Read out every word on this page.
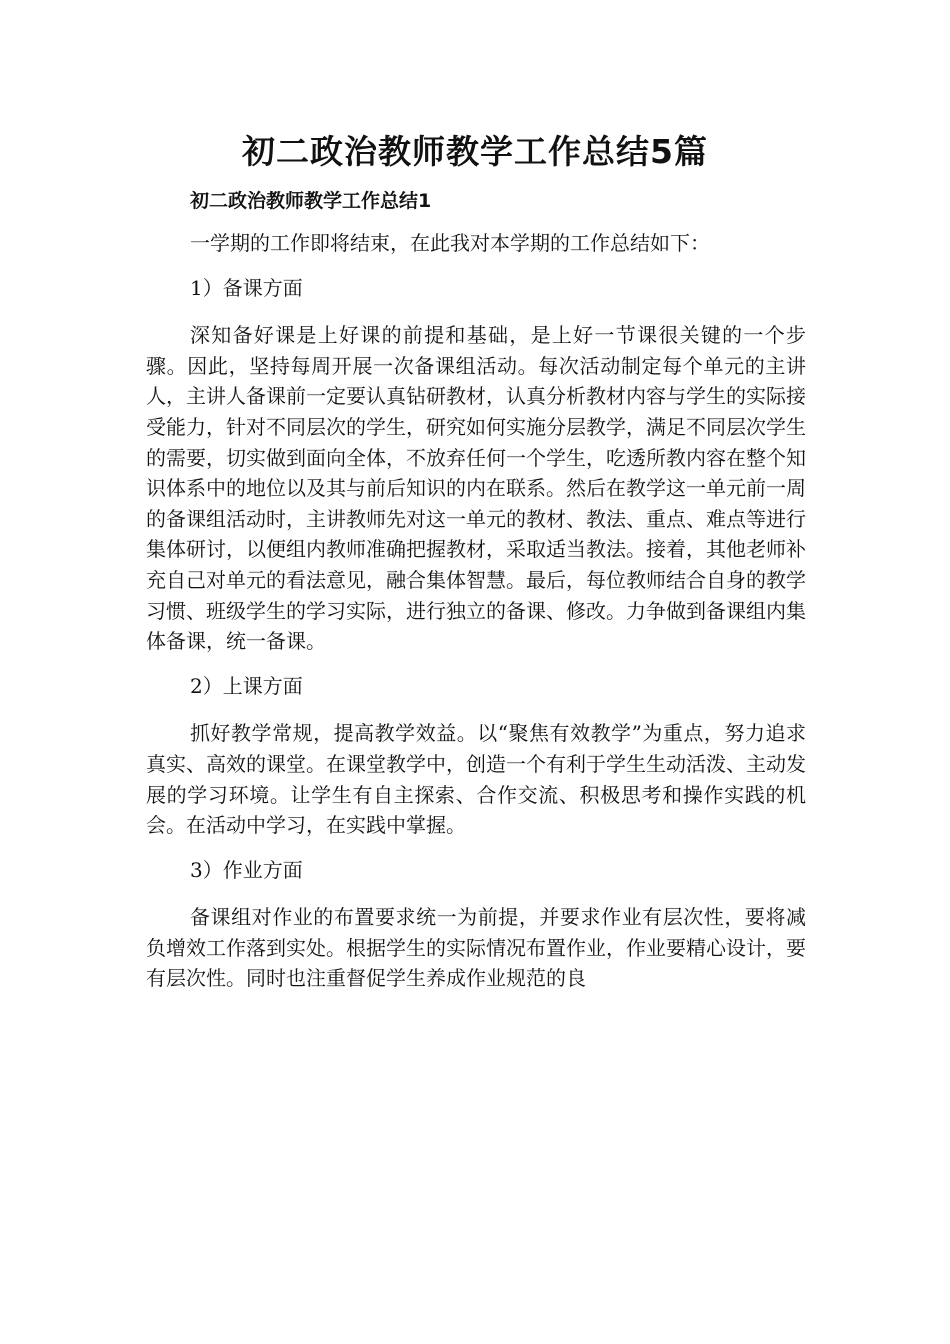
初二政治教师教学工作总结5篇

初二政治教师教学工作总结1

一学期的工作即将结束，在此我对本学期的工作总结如下：

1）备课方面

深知备好课是上好课的前提和基础，是上好一节课很关键的一个步骤。因此，坚持每周开展一次备课组活动。每次活动制定每个单元的主讲人，主讲人备课前一定要认真钻研教材，认真分析教材内容与学生的实际接受能力，针对不同层次的学生，研究如何实施分层教学，满足不同层次学生的需要，切实做到面向全体，不放弃任何一个学生，吃透所教内容在整个知识体系中的地位以及其与前后知识的内在联系。然后在教学这一单元前一周的备课组活动时，主讲教师先对这一单元的教材、教法、重点、难点等进行集体研讨，以便组内教师准确把握教材，采取适当教法。接着，其他老师补充自己对单元的看法意见，融合集体智慧。最后，每位教师结合自身的教学习惯、班级学生的学习实际，进行独立的备课、修改。力争做到备课组内集体备课，统一备课。

2）上课方面

抓好教学常规，提高教学效益。以“聚焦有效教学”为重点，努力追求真实、高效的课堂。在课堂教学中，创造一个有利于学生生动活泼、主动发展的学习环境。让学生有自主探索、合作交流、积极思考和操作实践的机会。在活动中学习，在实践中掌握。

3）作业方面

备课组对作业的布置要求统一为前提，并要求作业有层次性，要将减负增效工作落到实处。根据学生的实际情况布置作业，作业要精心设计，要有层次性。同时也注重督促学生养成作业规范的良
